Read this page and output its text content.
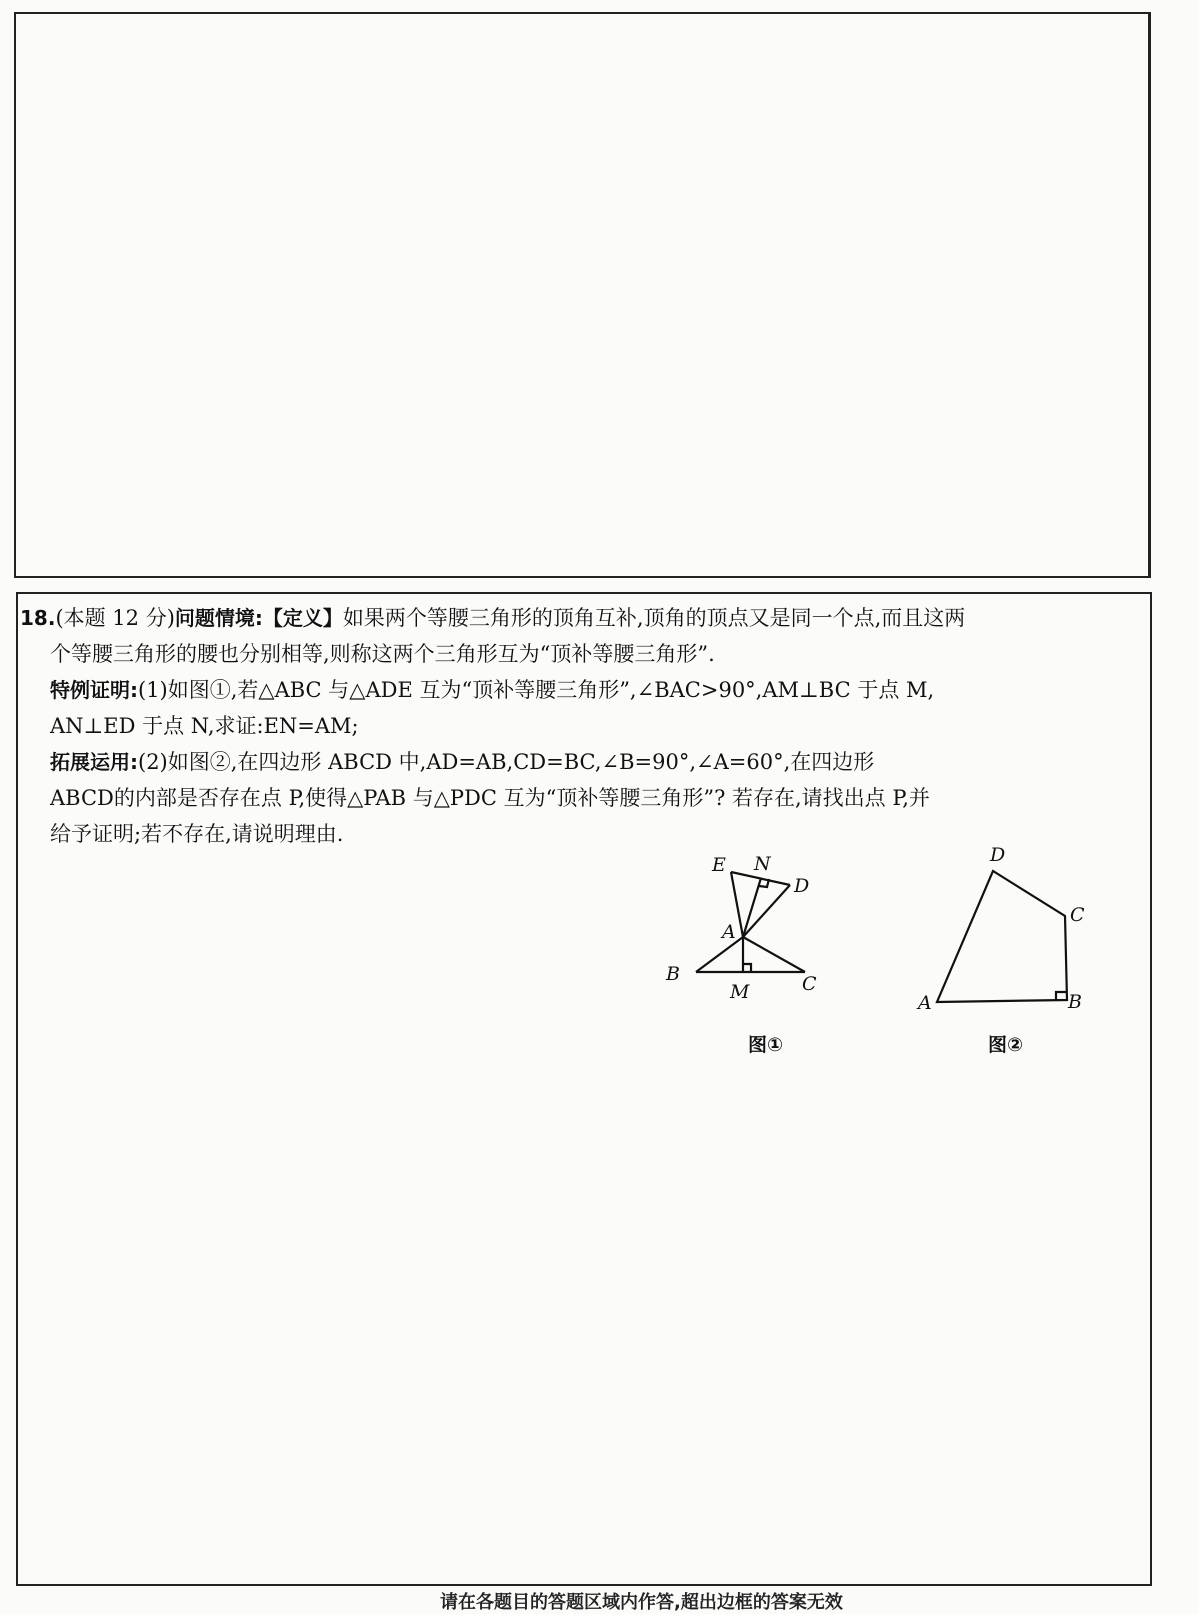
18.(本题 12 分)问题情境:【定义】如果两个等腰三角形的顶角互补,顶角的顶点又是同一个点,而且这两

个等腰三角形的腰也分别相等,则称这两个三角形互为“顶补等腰三角形”.

特例证明:(1)如图①,若△ABC 与△ADE 互为“顶补等腰三角形”,∠BAC>90°,AM⊥BC 于点 M,

AN⊥ED 于点 N,求证:EN=AM;

拓展运用:(2)如图②,在四边形 ABCD 中,AD=AB,CD=BC,∠B=90°,∠A=60°,在四边形

ABCD的内部是否存在点 P,使得△PAB 与△PDC 互为“顶补等腰三角形”? 若存在,请找出点 P,并

给予证明;若不存在,请说明理由.

E N
D
A
B
M	C
图①
D
C
A	B
图②
请在各题目的答题区域内作答,超出边框的答案无效
